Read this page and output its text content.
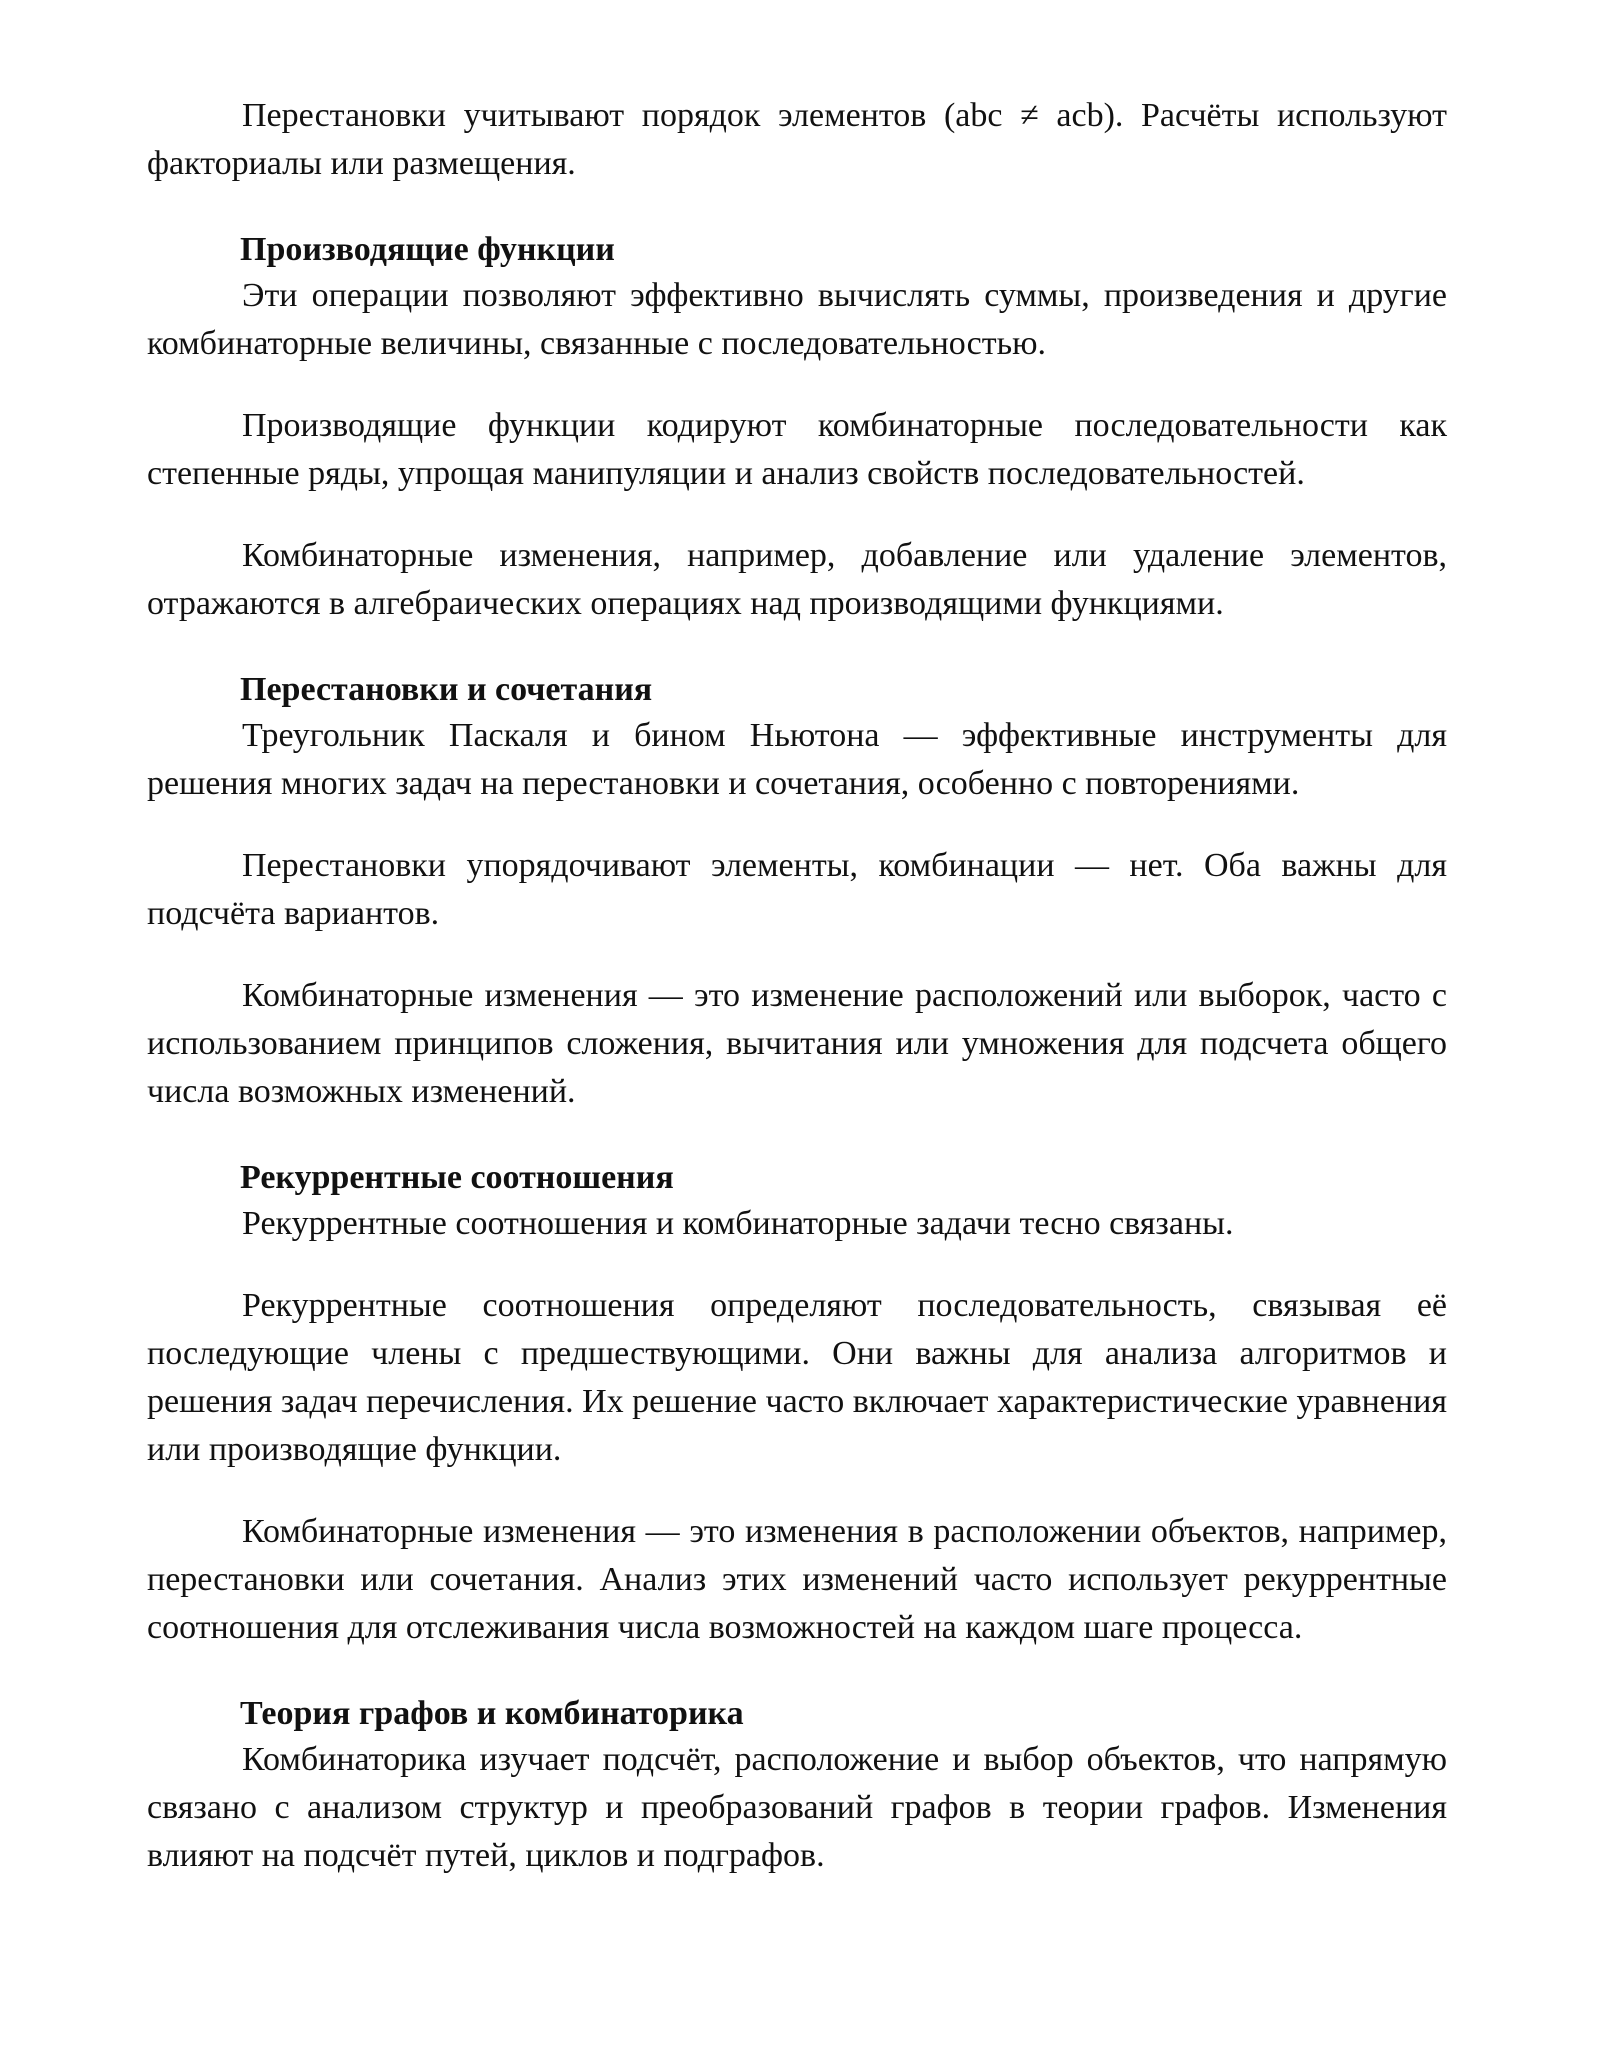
Перестановки учитывают порядок элементов (abc ≠ acb). Расчёты используют факториалы или размещения.

Производящие функции

Эти операции позволяют эффективно вычислять суммы, произведения и другие комбинаторные величины, связанные с последовательностью.

Производящие функции кодируют комбинаторные последовательности как степенные ряды, упрощая манипуляции и анализ свойств последовательностей.

Комбинаторные изменения, например, добавление или удаление элементов, отражаются в алгебраических операциях над производящими функциями.

Перестановки и сочетания

Треугольник Паскаля и бином Ньютона — эффективные инструменты для решения многих задач на перестановки и сочетания, особенно с повторениями.

Перестановки упорядочивают элементы, комбинации — нет. Оба важны для подсчёта вариантов.

Комбинаторные изменения — это изменение расположений или выборок, часто с использованием принципов сложения, вычитания или умножения для подсчета общего числа возможных изменений.

Рекуррентные соотношения

Рекуррентные соотношения и комбинаторные задачи тесно связаны.

Рекуррентные соотношения определяют последовательность, связывая её последующие члены с предшествующими. Они важны для анализа алгоритмов и решения задач перечисления. Их решение часто включает характеристические уравнения или производящие функции.

Комбинаторные изменения — это изменения в расположении объектов, например, перестановки или сочетания. Анализ этих изменений часто использует рекуррентные соотношения для отслеживания числа возможностей на каждом шаге процесса.

Теория графов и комбинаторика

Комбинаторика изучает подсчёт, расположение и выбор объектов, что напрямую связано с анализом структур и преобразований графов в теории графов. Изменения влияют на подсчёт путей, циклов и подграфов.
